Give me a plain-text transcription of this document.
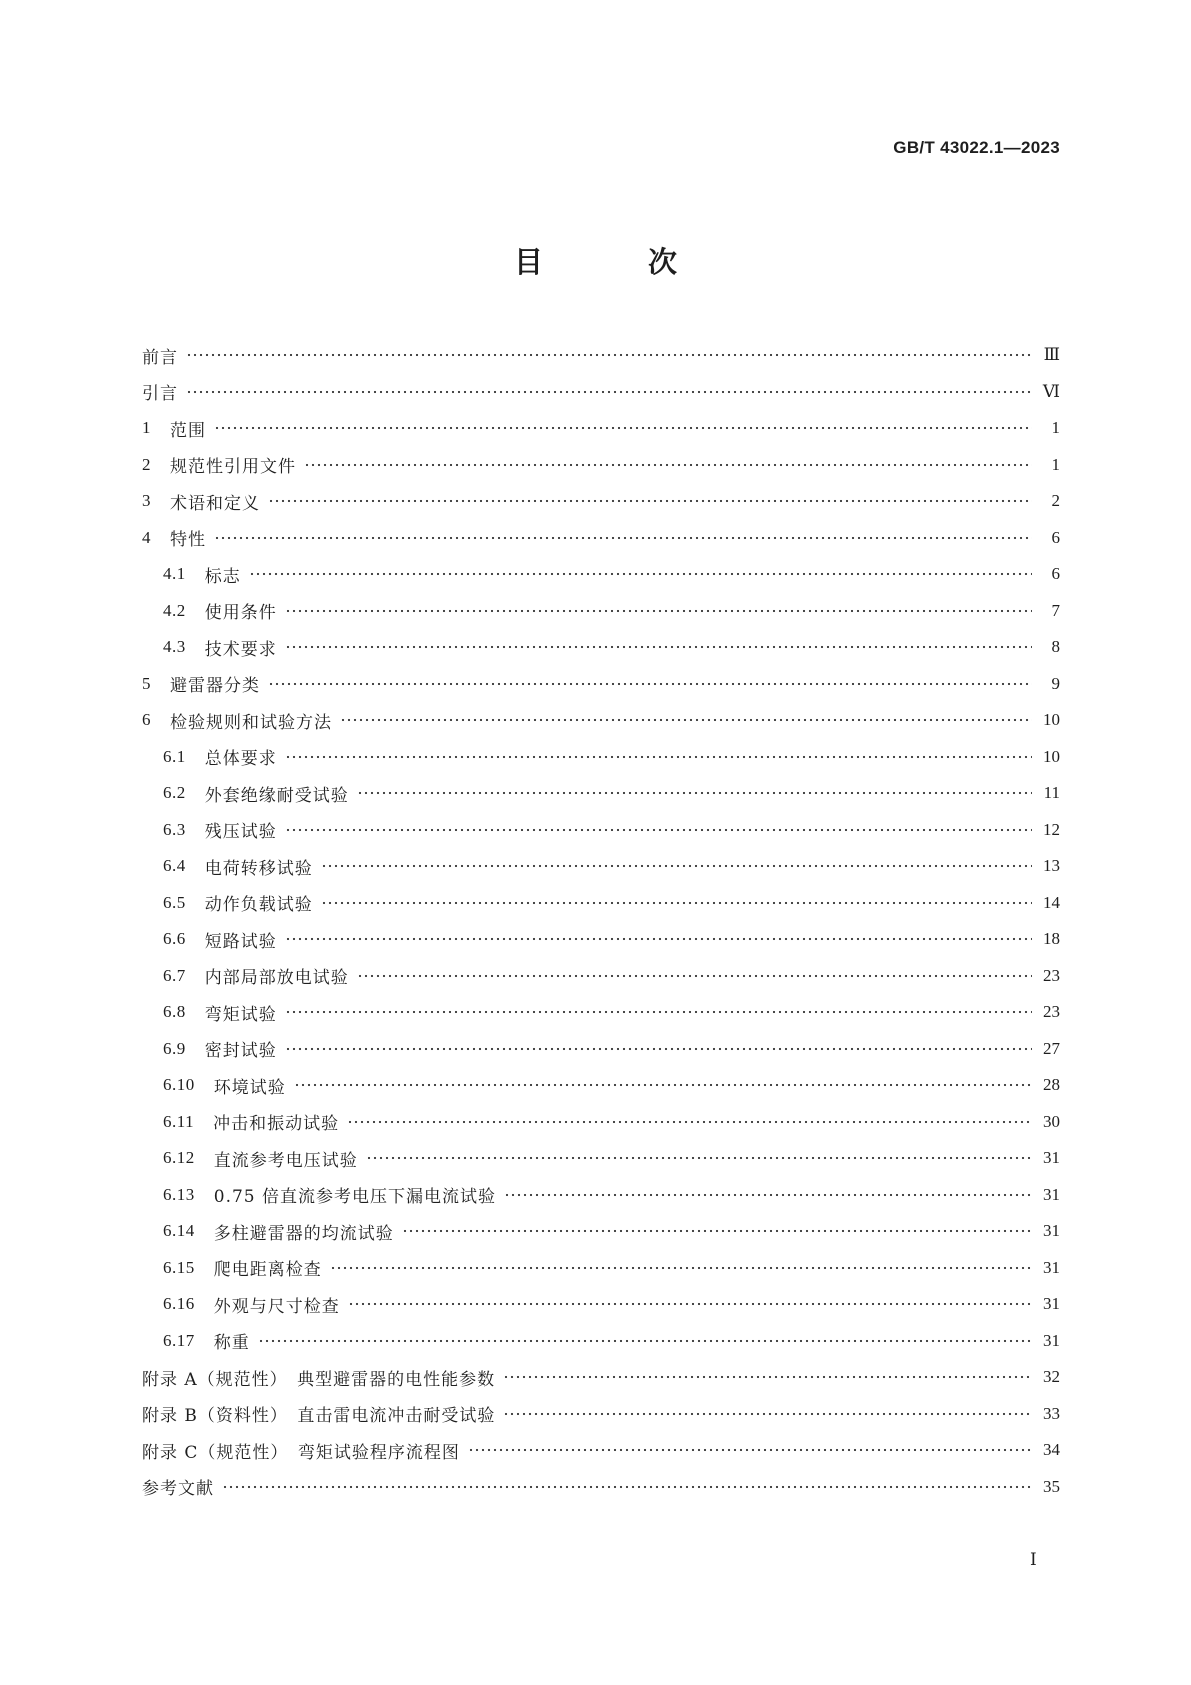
GB/T 43022.1—2023
目　次
前言	Ⅲ
引言	Ⅵ
1 范围	1
2 规范性引用文件	1
3 术语和定义	2
4 特性	6
4.1 标志	6
4.2 使用条件	7
4.3 技术要求	8
5 避雷器分类	9
6 检验规则和试验方法	10
6.1 总体要求	10
6.2 外套绝缘耐受试验	11
6.3 残压试验	12
6.4 电荷转移试验	13
6.5 动作负载试验	14
6.6 短路试验	18
6.7 内部局部放电试验	23
6.8 弯矩试验	23
6.9 密封试验	27
6.10 环境试验	28
6.11 冲击和振动试验	30
6.12 直流参考电压试验	31
6.13 0.75 倍直流参考电压下漏电流试验	31
6.14 多柱避雷器的均流试验	31
6.15 爬电距离检查	31
6.16 外观与尺寸检查	31
6.17 称重	31
附录 A（规范性）　典型避雷器的电性能参数	32
附录 B（资料性）　直击雷电流冲击耐受试验	33
附录 C（规范性）　弯矩试验程序流程图	34
参考文献	35
Ⅰ
